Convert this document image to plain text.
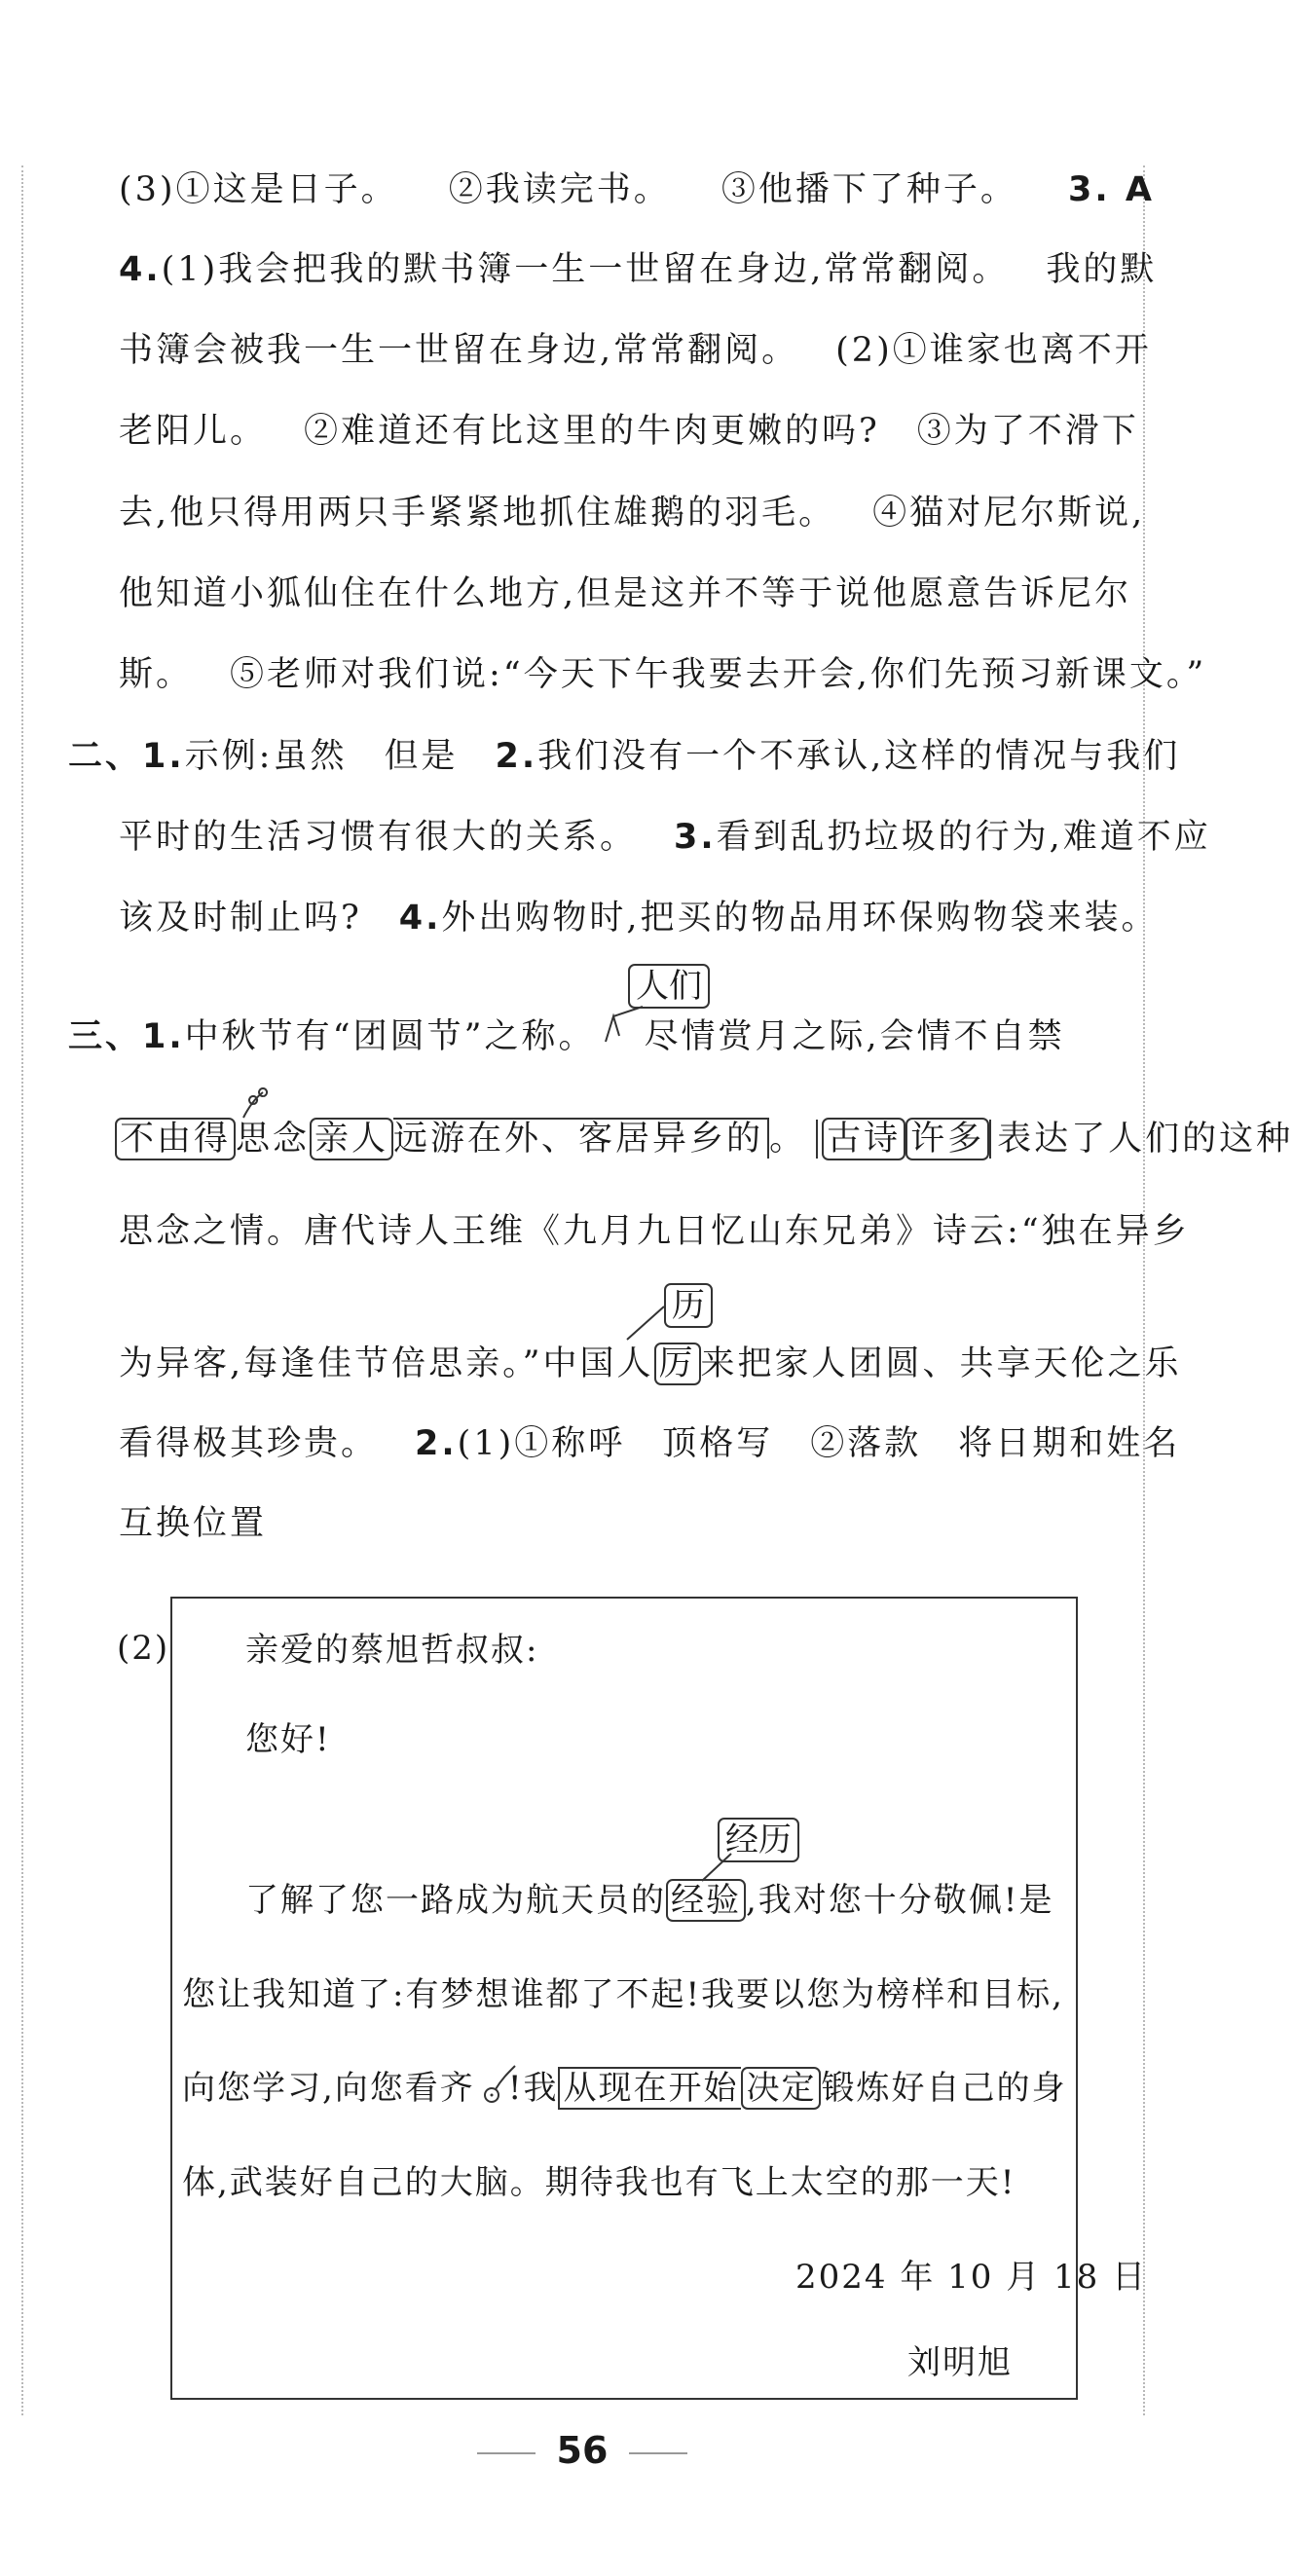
(3)①这是日子。 ②我读完书。 ③他播下了种子。 3. A
4.(1)我会把我的默书簿一生一世留在身边,常常翻阅。 我的默
书簿会被我一生一世留在身边,常常翻阅。 (2)①谁家也离不开
老阳儿。 ②难道还有比这里的牛肉更嫩的吗? ③为了不滑下
去,他只得用两只手紧紧地抓住雄鹅的羽毛。 ④猫对尼尔斯说,
他知道小狐仙住在什么地方,但是这并不等于说他愿意告诉尼尔
斯。 ⑤老师对我们说:“今天下午我要去开会,你们先预习新课文。”
二、1.示例:虽然 但是 2.我们没有一个不承认,这样的情况与我们
平时的生活习惯有很大的关系。 3.看到乱扔垃圾的行为,难道不应
该及时制止吗? 4.外出购物时,把买的物品用环保购物袋来装。
三、1.中秋节有“团圆节”之称。 尽情赏月之际,会情不自禁
人们
不由得 思念 亲人 远游在外、客居异乡的 。 古诗 许多 表达了人们的这种
思念之情。唐代诗人王维《九月九日忆山东兄弟》诗云:“独在异乡
为异客,每逢佳节倍思亲。”中国人 厉 来把家人团圆、共享天伦之乐
历
看得极其珍贵。 2.(1)①称呼 顶格写 ②落款 将日期和姓名
互换位置
(2) 亲爱的蔡旭哲叔叔:
您好!
经历
了解了您一路成为航天员的 经验 ,我对您十分敬佩!是
您让我知道了:有梦想谁都了不起!我要以您为榜样和目标,
向您学习,向您看齐 !我 从现在开始 决定 锻炼好自己的身
体,武装好自己的大脑。期待我也有飞上太空的那一天!
2024 年 10 月 18 日
刘明旭
56
